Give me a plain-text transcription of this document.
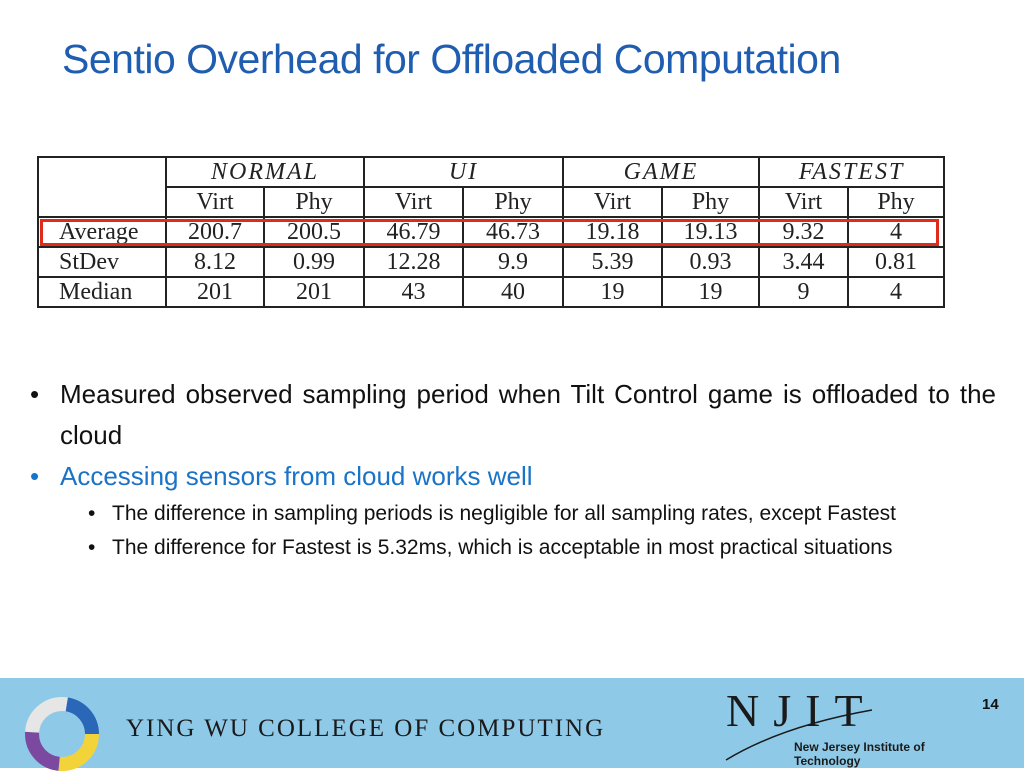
Sentio Overhead for Offloaded Computation
	NORMAL		UI		GAME		FASTEST	
	Virt	Phy	Virt	Phy	Virt	Phy	Virt	Phy
Average	200.7	200.5	46.79	46.73	19.18	19.13	9.32	4
StDev	8.12	0.99	12.28	9.9	5.39	0.93	3.44	0.81
Median	201	201	43	40	19	19	9	4
• Measured observed sampling period when Tilt Control game is offloaded to the cloud
• Accessing sensors from cloud works well
• The difference in sampling periods is negligible for all sampling rates, except Fastest
• The difference for Fastest is 5.32ms, which is acceptable in most practical situations

YING WU COLLEGE OF COMPUTING	NJIT

New Jersey Institute of Technology

14
